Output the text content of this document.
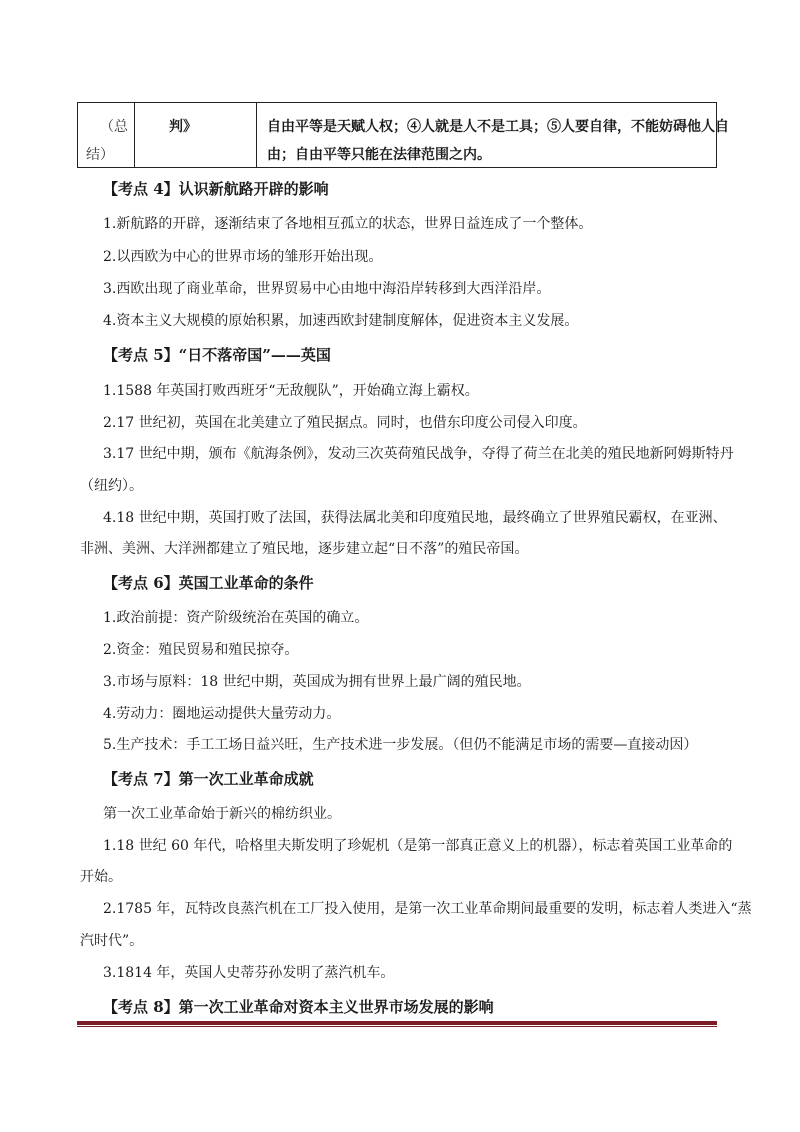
（总
结）
判》	自由平等是天赋人权；④人就是人不是工具；⑤人要自律，不能妨碍他人自
由；自由平等只能在法律范围之内。
【考点 4】认识新航路开辟的影响
1.新航路的开辟，逐渐结束了各地相互孤立的状态，世界日益连成了一个整体。
2.以西欧为中心的世界市场的雏形开始出现。
3.西欧出现了商业革命，世界贸易中心由地中海沿岸转移到大西洋沿岸。
4.资本主义大规模的原始积累，加速西欧封建制度解体，促进资本主义发展。
【考点 5】“日不落帝国”——英国
1.1588 年英国打败西班牙“无敌舰队”，开始确立海上霸权。
2.17 世纪初，英国在北美建立了殖民据点。同时，也借东印度公司侵入印度。
3.17 世纪中期，颁布《航海条例》，发动三次英荷殖民战争，夺得了荷兰在北美的殖民地新阿姆斯特丹
（纽约）。
4.18 世纪中期，英国打败了法国，获得法属北美和印度殖民地，最终确立了世界殖民霸权，在亚洲、
非洲、美洲、大洋洲都建立了殖民地，逐步建立起“日不落”的殖民帝国。
【考点 6】英国工业革命的条件
1.政治前提：资产阶级统治在英国的确立。
2.资金：殖民贸易和殖民掠夺。
3.市场与原料：18 世纪中期，英国成为拥有世界上最广阔的殖民地。
4.劳动力：圈地运动提供大量劳动力。
5.生产技术：手工工场日益兴旺，生产技术进一步发展。（但仍不能满足市场的需要—直接动因）
【考点 7】第一次工业革命成就
第一次工业革命始于新兴的棉纺织业。
1.18 世纪 60 年代，哈格里夫斯发明了珍妮机（是第一部真正意义上的机器），标志着英国工业革命的
开始。
2.1785 年，瓦特改良蒸汽机在工厂投入使用，是第一次工业革命期间最重要的发明，标志着人类进入“蒸
汽时代”。
3.1814 年，英国人史蒂芬孙发明了蒸汽机车。
【考点 8】第一次工业革命对资本主义世界市场发展的影响
